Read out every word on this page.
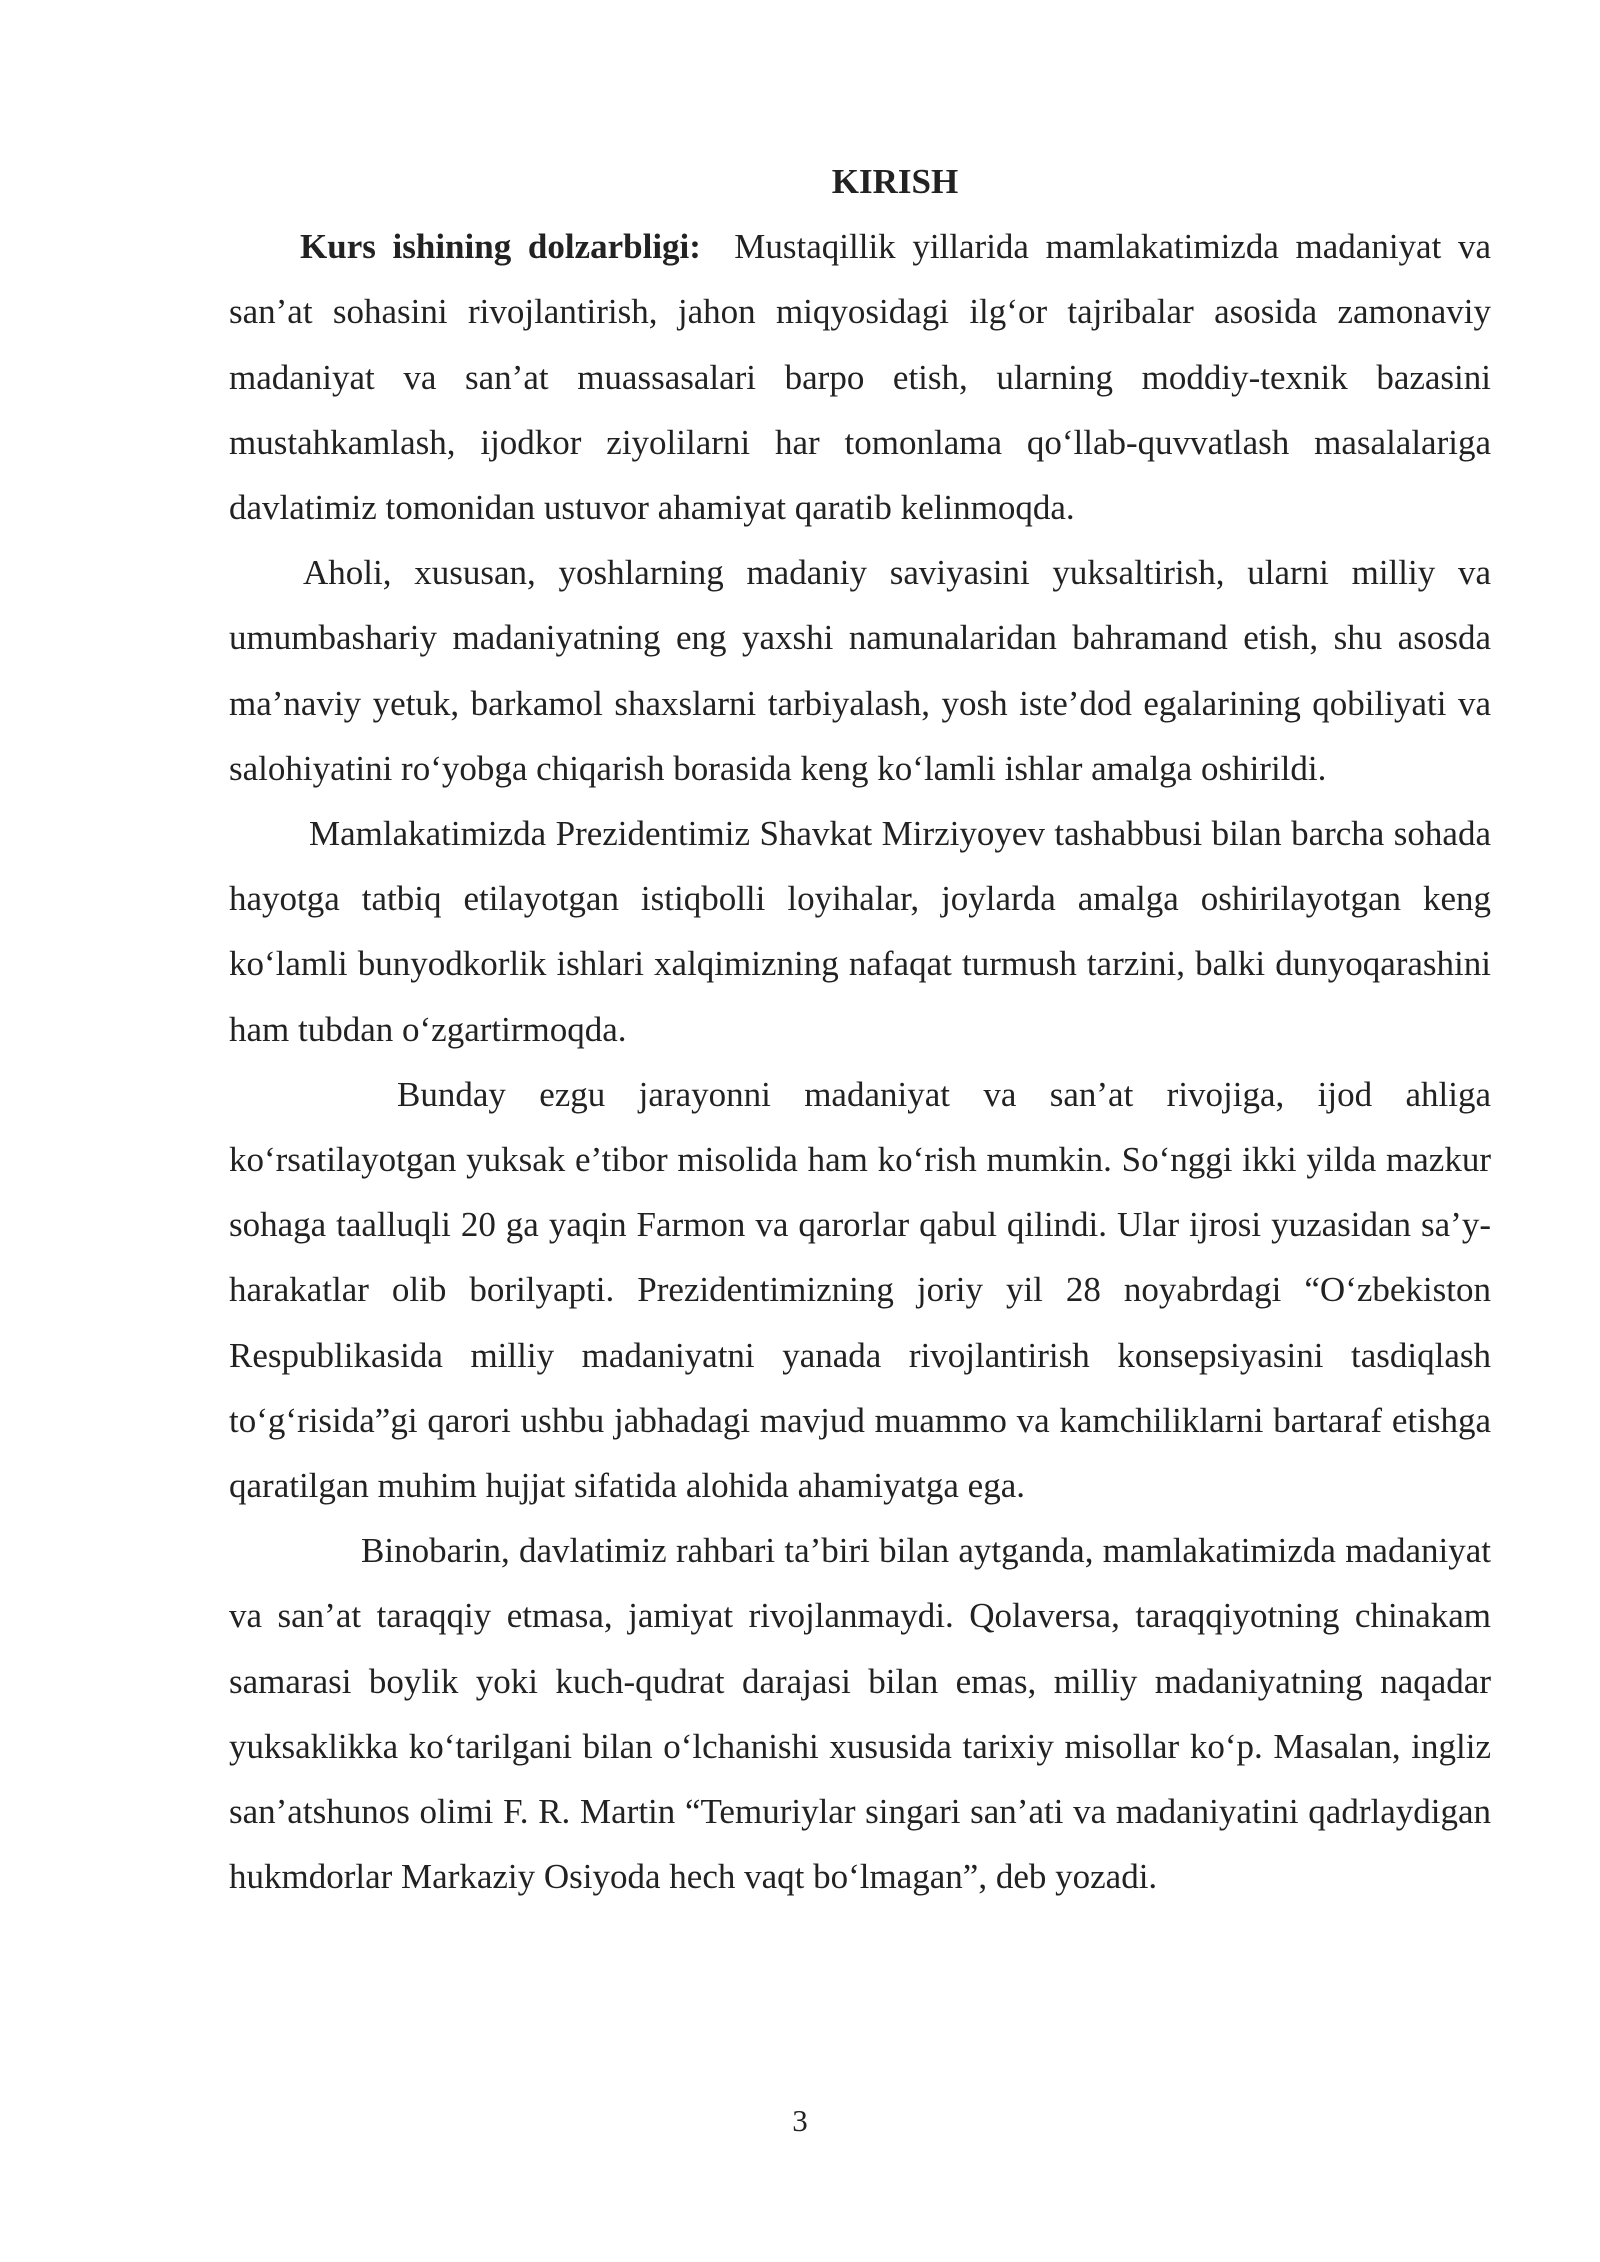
KIRISH

Kurs ishining dolzarbligi: Mustaqillik yillarida mamlakatimizda madaniyat va san’at sohasini rivojlantirish, jahon miqyosidagi ilg‘or tajribalar asosida zamonaviy madaniyat va san’at muassasalari barpo etish, ularning moddiy-texnik bazasini mustahkamlash, ijodkor ziyolilarni har tomonlama qo‘llab-quvvatlash masalalariga davlatimiz tomonidan ustuvor ahamiyat qaratib kelinmoqda.

Aholi, xususan, yoshlarning madaniy saviyasini yuksaltirish, ularni milliy va umumbashariy madaniyatning eng yaxshi namunalaridan bahramand etish, shu asosda ma’naviy yetuk, barkamol shaxslarni tarbiyalash, yosh iste’dod egalarining qobiliyati va salohiyatini ro‘yobga chiqarish borasida keng ko‘lamli ishlar amalga oshirildi.

Mamlakatimizda Prezidentimiz Shavkat Mirziyoyev tashabbusi bilan barcha sohada hayotga tatbiq etilayotgan istiqbolli loyihalar, joylarda amalga oshirilayotgan keng ko‘lamli bunyodkorlik ishlari xalqimizning nafaqat turmush tarzini, balki dunyoqarashini ham tubdan o‘zgartirmoqda.

Bunday ezgu jarayonni madaniyat va san’at rivojiga, ijod ahliga ko‘rsatilayotgan yuksak e’tibor misolida ham ko‘rish mumkin. So‘nggi ikki yilda mazkur sohaga taalluqli 20 ga yaqin Farmon va qarorlar qabul qilindi. Ular ijrosi yuzasidan sa’y-harakatlar olib borilyapti. Prezidentimizning joriy yil 28 noyabrdagi “O‘zbekiston Respublikasida milliy madaniyatni yanada rivojlantirish konsepsiyasini tasdiqlash to‘g‘risida”gi qarori ushbu jabhadagi mavjud muammo va kamchiliklarni bartaraf etishga qaratilgan muhim hujjat sifatida alohida ahamiyatga ega.

Binobarin, davlatimiz rahbari ta’biri bilan aytganda, mamlakatimizda madaniyat va san’at taraqqiy etmasa, jamiyat rivojlanmaydi. Qolaversa, taraqqiyotning chinakam samarasi boylik yoki kuch-qudrat darajasi bilan emas, milliy madaniyatning naqadar yuksaklikka ko‘tarilgani bilan o‘lchanishi xususida tarixiy misollar ko‘p. Masalan, ingliz san’atshunos olimi F. R. Martin “Temuriylar singari san’ati va madaniyatini qadrlaydigan hukmdorlar Markaziy Osiyoda hech vaqt bo‘lmagan”, deb yozadi.

3
